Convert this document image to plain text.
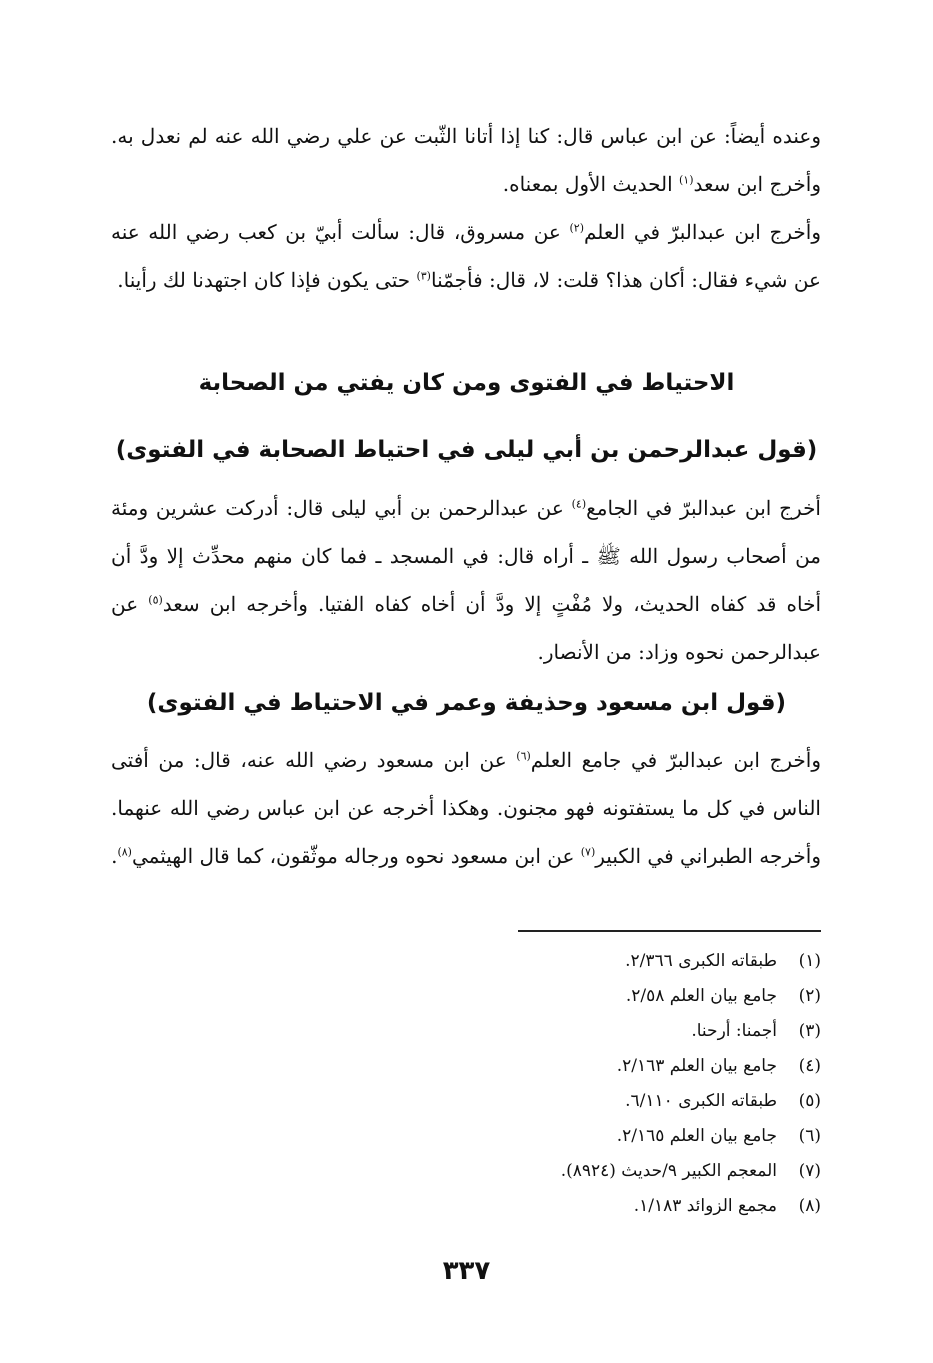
وعنده أيضاً: عن ابن عباس قال: كنا إذا أتانا الثّبت عن علي رضي الله عنه لم نعدل به. وأخرج ابن سعد$^{(١)}$ الحديث الأول بمعناه.

وأخرج ابن عبدالبرّ في العلم$^{(٢)}$ عن مسروق، قال: سألت أبيّ بن كعب رضي الله عنه عن شيء فقال: أكان هذا؟ قلت: لا، قال: فأجمّنا$^{(٣)}$ حتى يكون فإذا كان اجتهدنا لك رأينا.

الاحتياط في الفتوى ومن كان يفتي من الصحابة
(قول عبدالرحمن بن أبي ليلى في احتياط الصحابة في الفتوى)

أخرج ابن عبدالبرّ في الجامع$^{(٤)}$ عن عبدالرحمن بن أبي ليلى قال: أدركت عشرين ومئة من أصحاب رسول الله ﷺ ـ أراه قال: في المسجد ـ فما كان منهم محدِّث إلا ودَّ أن أخاه قد كفاه الحديث، ولا مُفْتٍ إلا ودَّ أن أخاه كفاه الفتيا. وأخرجه ابن سعد$^{(٥)}$ عن عبدالرحمن نحوه وزاد: من الأنصار.

(قول ابن مسعود وحذيفة وعمر في الاحتياط في الفتوى)

وأخرج ابن عبدالبرّ في جامع العلم$^{(٦)}$ عن ابن مسعود رضي الله عنه، قال: من أفتى الناس في كل ما يستفتونه فهو مجنون. وهكذا أخرجه عن ابن عباس رضي الله عنهما. وأخرجه الطبراني في الكبير$^{(٧)}$ عن ابن مسعود نحوه ورجاله موثّقون، كما قال الهيثمي$^{(٨)}$.

(١)طبقاته الكبرى ٢/٣٦٦.
(٢)جامع بيان العلم ٢/٥٨.
(٣)أجمنا: أرحنا.
(٤)جامع بيان العلم ٢/١٦٣.
(٥)طبقاته الكبرى ٦/١١٠.
(٦)جامع بيان العلم ٢/١٦٥.
(٧)المعجم الكبير ٩/حديث (٨٩٢٤).
(٨)مجمع الزوائد ١/١٨٣.
٣٣٧
